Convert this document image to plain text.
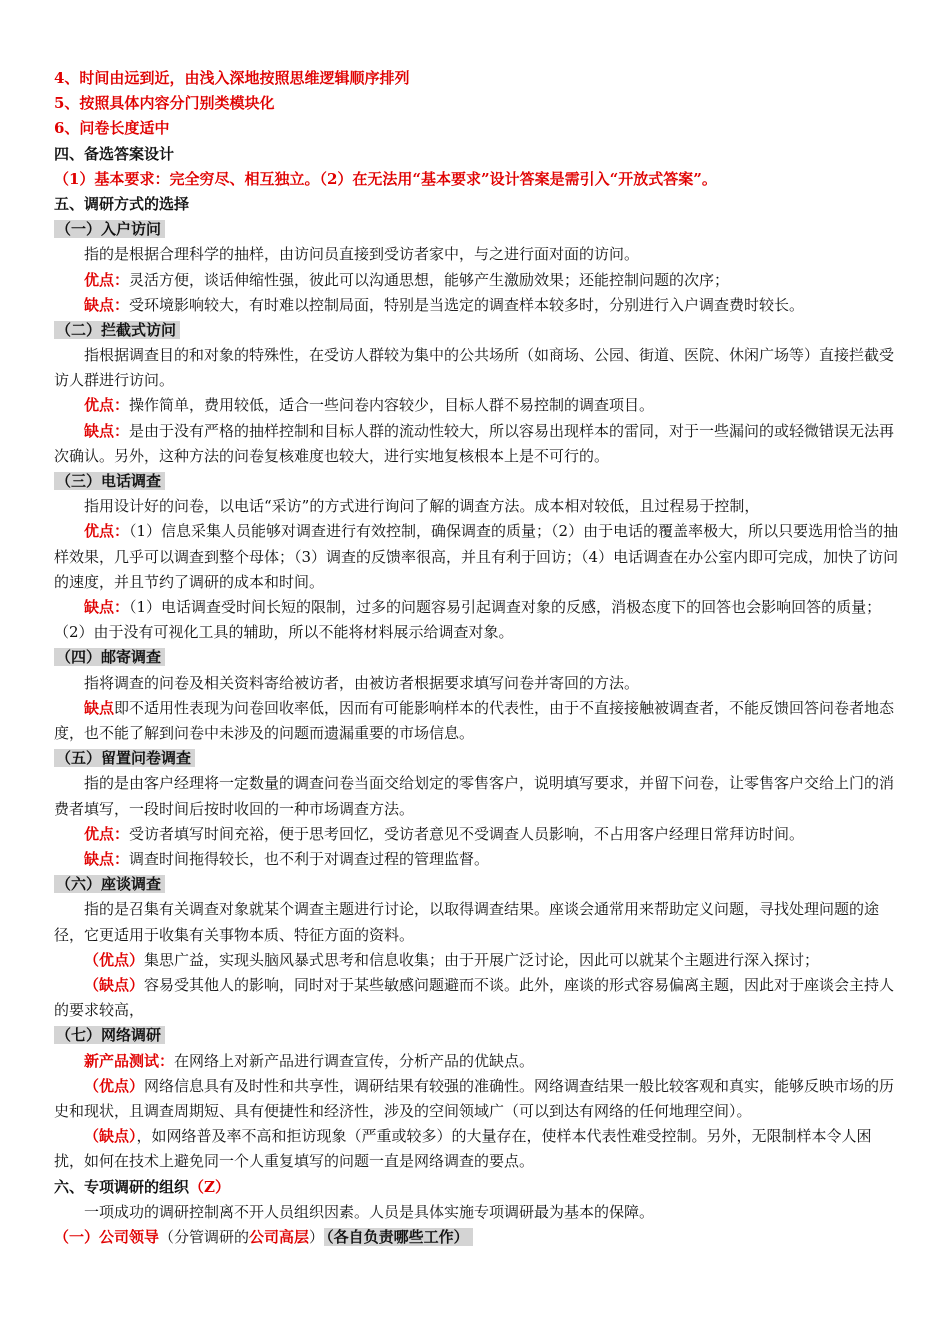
4、时间由远到近，由浅入深地按照思维逻辑顺序排列
5、按照具体内容分门别类模块化
6、问卷长度适中
四、备选答案设计
（1）基本要求：完全穷尽、相互独立。（2）在无法用“基本要求”设计答案是需引入“开放式答案”。
五、调研方式的选择
（一）入户访问
指的是根据合理科学的抽样，由访问员直接到受访者家中，与之进行面对面的访问。
优点：灵活方便，谈话伸缩性强，彼此可以沟通思想，能够产生激励效果；还能控制问题的次序；
缺点：受环境影响较大，有时难以控制局面，特别是当选定的调查样本较多时，分别进行入户调查费时较长。
（二）拦截式访问
指根据调查目的和对象的特殊性，在受访人群较为集中的公共场所（如商场、公园、街道、医院、休闲广场等）直接拦截受访人群进行访问。
优点：操作简单，费用较低，适合一些问卷内容较少，目标人群不易控制的调查项目。
缺点：是由于没有严格的抽样控制和目标人群的流动性较大，所以容易出现样本的雷同，对于一些漏问的或轻微错误无法再次确认。另外，这种方法的问卷复核难度也较大，进行实地复核根本上是不可行的。
（三）电话调查
指用设计好的问卷，以电话“采访”的方式进行询问了解的调查方法。成本相对较低，且过程易于控制，
优点：（1）信息采集人员能够对调查进行有效控制，确保调查的质量；（2）由于电话的覆盖率极大，所以只要选用恰当的抽样效果，几乎可以调查到整个母体；（3）调查的反馈率很高，并且有利于回访；（4）电话调查在办公室内即可完成，加快了访问的速度，并且节约了调研的成本和时间。
缺点：（1）电话调查受时间长短的限制，过多的问题容易引起调查对象的反感，消极态度下的回答也会影响回答的质量；（2）由于没有可视化工具的辅助，所以不能将材料展示给调查对象。
（四）邮寄调查
指将调查的问卷及相关资料寄给被访者，由被访者根据要求填写问卷并寄回的方法。
缺点即不适用性表现为问卷回收率低，因而有可能影响样本的代表性，由于不直接接触被调查者，不能反馈回答问卷者地态度，也不能了解到问卷中未涉及的问题而遗漏重要的市场信息。
（五）留置问卷调查
指的是由客户经理将一定数量的调查问卷当面交给划定的零售客户，说明填写要求，并留下问卷，让零售客户交给上门的消费者填写，一段时间后按时收回的一种市场调查方法。
优点：受访者填写时间充裕，便于思考回忆，受访者意见不受调查人员影响，不占用客户经理日常拜访时间。
缺点：调查时间拖得较长，也不利于对调查过程的管理监督。
（六）座谈调查
指的是召集有关调查对象就某个调查主题进行讨论，以取得调查结果。座谈会通常用来帮助定义问题，寻找处理问题的途径，它更适用于收集有关事物本质、特征方面的资料。
（优点）集思广益，实现头脑风暴式思考和信息收集；由于开展广泛讨论，因此可以就某个主题进行深入探讨；
（缺点）容易受其他人的影响，同时对于某些敏感问题避而不谈。此外，座谈的形式容易偏离主题，因此对于座谈会主持人的要求较高，
（七）网络调研
新产品测试：在网络上对新产品进行调查宣传，分析产品的优缺点。
（优点）网络信息具有及时性和共享性，调研结果有较强的准确性。网络调查结果一般比较客观和真实，能够反映市场的历史和现状，且调查周期短、具有便捷性和经济性，涉及的空间领域广（可以到达有网络的任何地理空间）。
（缺点），如网络普及率不高和拒访现象（严重或较多）的大量存在，使样本代表性难受控制。另外，无限制样本令人困扰，如何在技术上避免同一个人重复填写的问题一直是网络调查的要点。
六、专项调研的组织（Z）
一项成功的调研控制离不开人员组织因素。人员是具体实施专项调研最为基本的保障。
（一）公司领导（分管调研的公司高层） （各自负责哪些工作）
